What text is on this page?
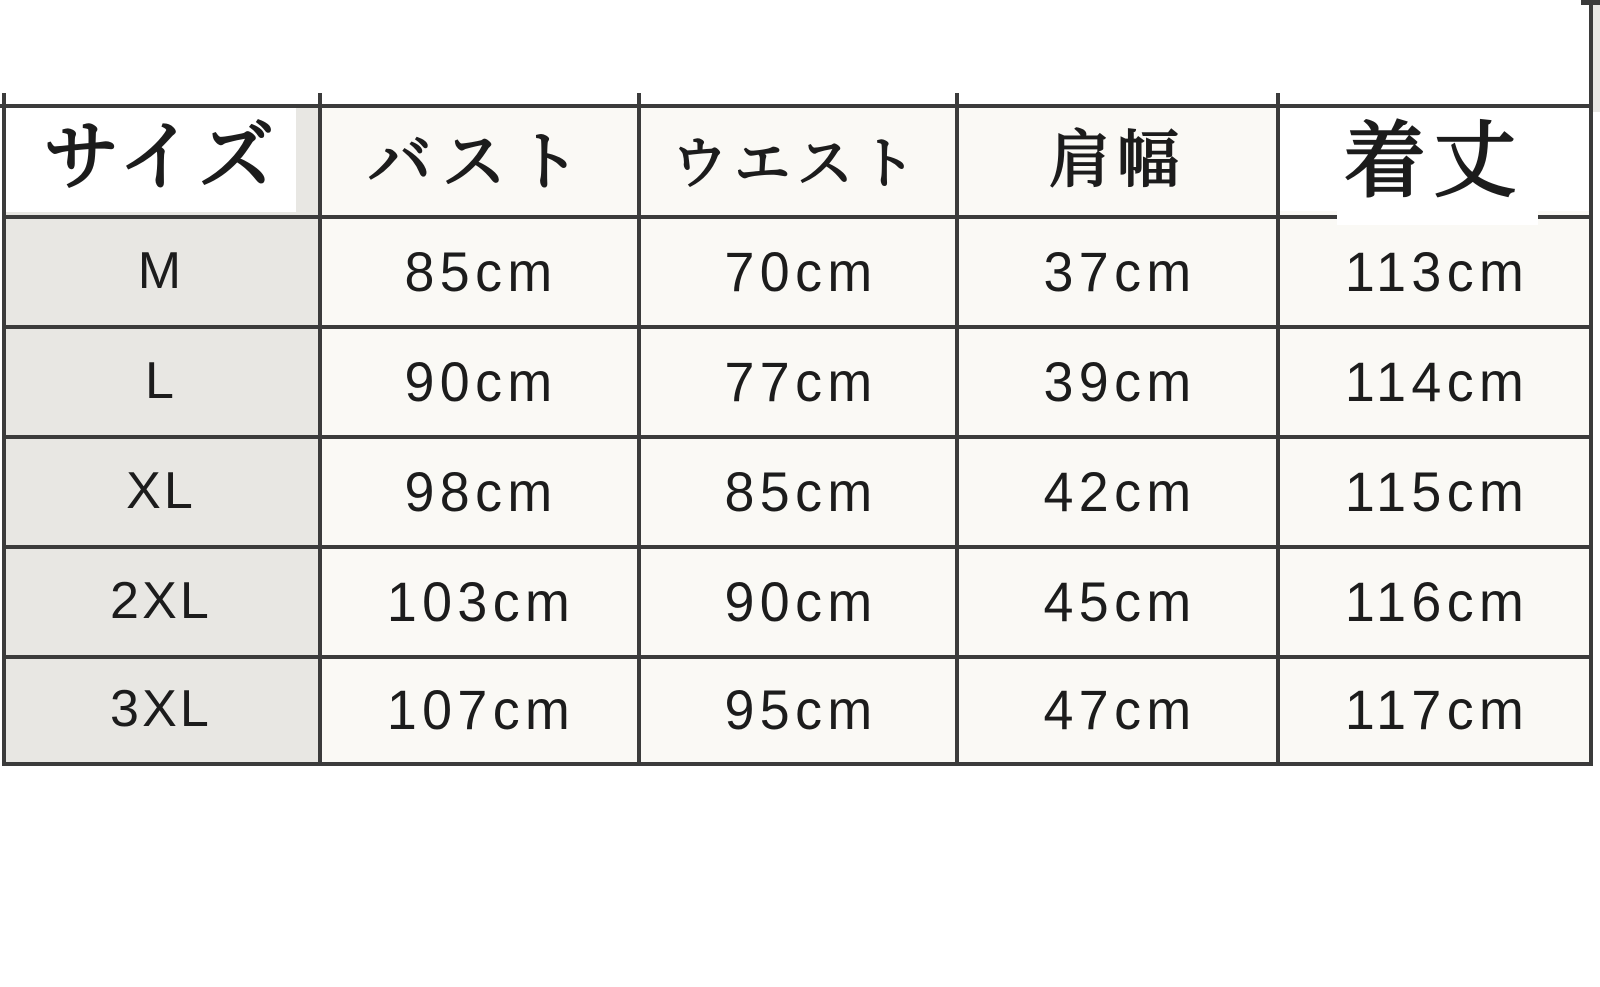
サイズ バスト ウエスト 肩幅 着丈
M	85cm	70cm	37cm	113cm
L	90cm	77cm	39cm	114cm
XL	98cm	85cm	42cm	115cm
2XL	103cm	90cm	45cm	116cm
3XL	107cm	95cm	47cm	117cm
